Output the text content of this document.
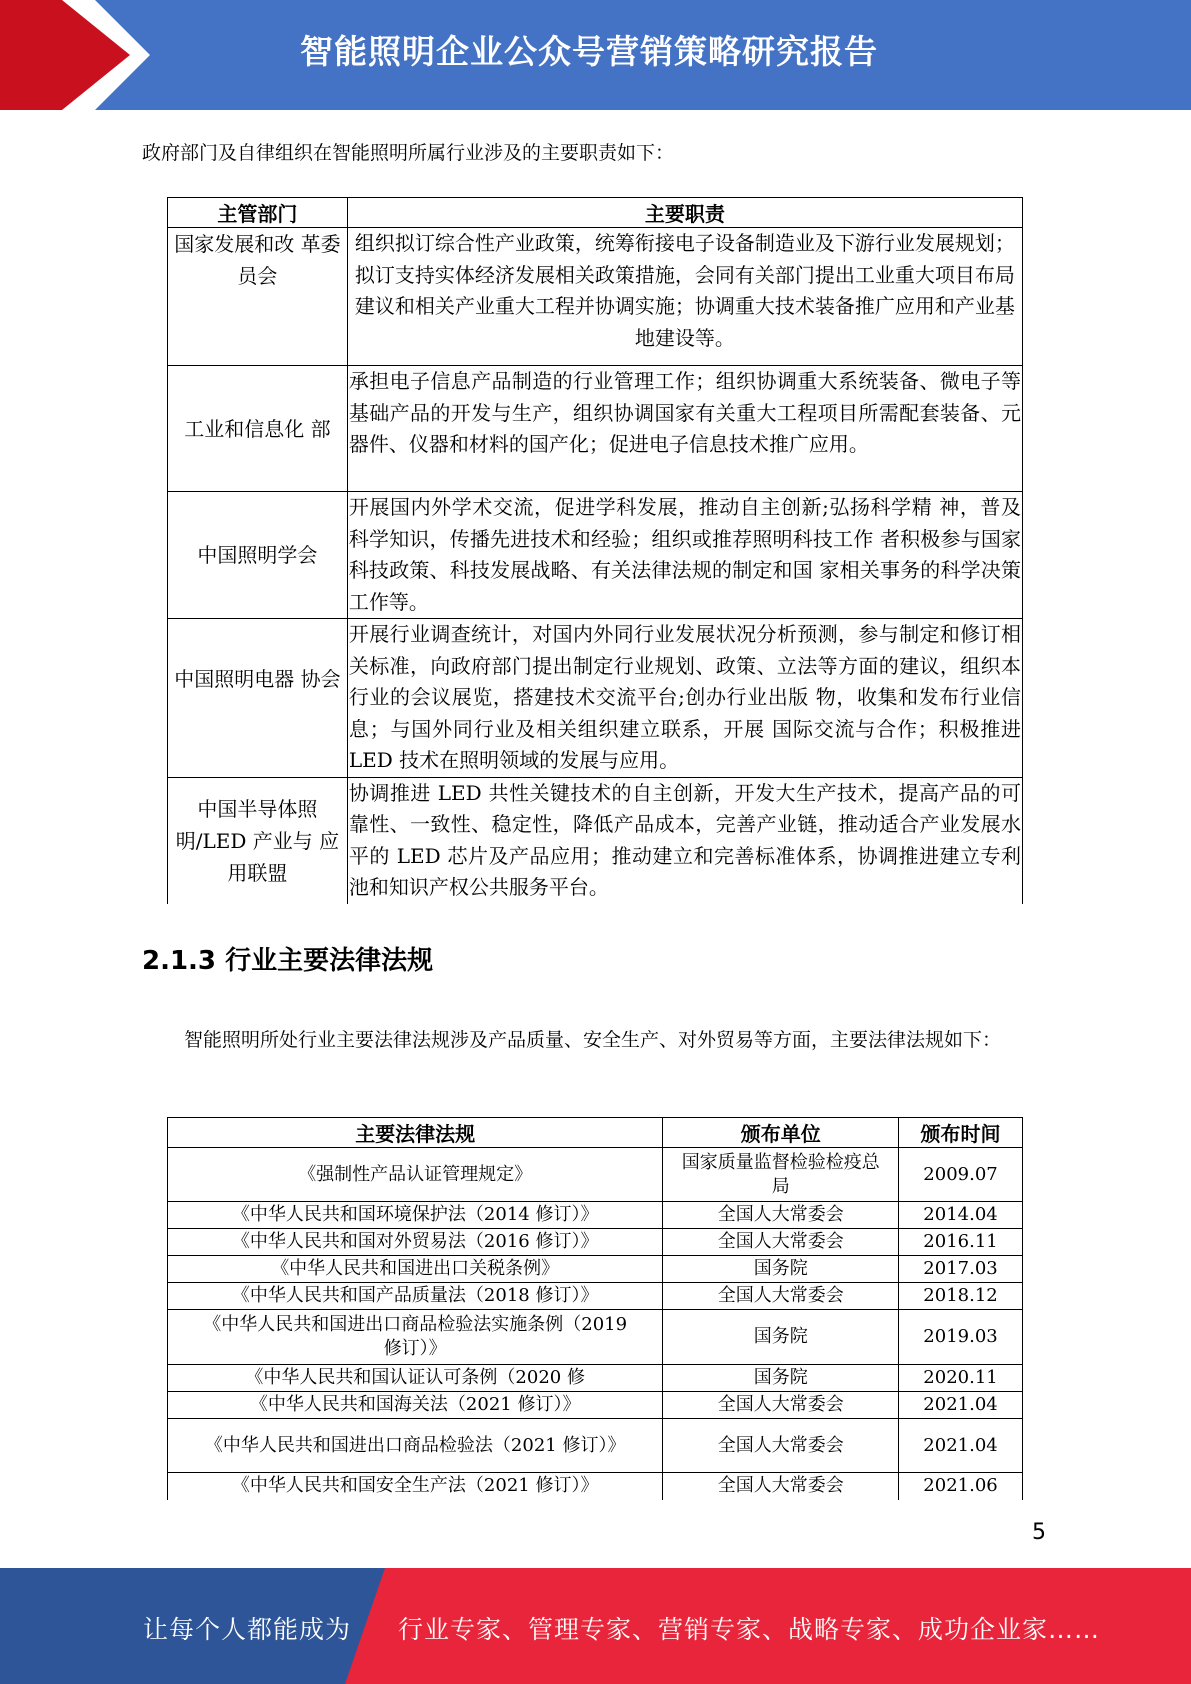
智能照明企业公众号营销策略研究报告
政府部门及自律组织在智能照明所属行业涉及的主要职责如下：
主管部门	主要职责
国家发展和改 革委员会	组织拟订综合性产业政策，统筹衔接电子设备制造业及下游行业发展规划；拟订支持实体经济发展相关政策措施，会同有关部门提出工业重大项目布局建议和相关产业重大工程并协调实施；协调重大技术装备推广应用和产业基地建设等。
工业和信息化 部	承担电子信息产品制造的行业管理工作；组织协调重大系统装备、微电子等基础产品的开发与生产，组织协调国家有关重大工程项目所需配套装备、元器件、仪器和材料的国产化；促进电子信息技术推广应用。
中国照明学会	开展国内外学术交流，促进学科发展，推动自主创新;弘扬科学精 神，普及科学知识，传播先进技术和经验；组织或推荐照明科技工作 者积极参与国家科技政策、科技发展战略、有关法律法规的制定和国 家相关事务的科学决策工作等。
中国照明电器 协会	开展行业调查统计，对国内外同行业发展状况分析预测，参与制定和修订相关标准，向政府部门提出制定行业规划、政策、立法等方面的建议，组织本行业的会议展览，搭建技术交流平台;创办行业出版 物，收集和发布行业信息；与国外同行业及相关组织建立联系，开展 国际交流与合作；积极推进 LED 技术在照明领域的发展与应用。
中国半导体照 明/LED 产业与 应用联盟	协调推进 LED 共性关键技术的自主创新，开发大生产技术，提高产品的可靠性、一致性、稳定性，降低产品成本，完善产业链，推动适合产业发展水平的 LED 芯片及产品应用；推动建立和完善标准体系，协调推进建立专利池和知识产权公共服务平台。
2.1.3 行业主要法律法规
智能照明所处行业主要法律法规涉及产品质量、安全生产、对外贸易等方面，主要法律法规如下：
主要法律法规	颁布单位	颁布时间
《强制性产品认证管理规定》	国家质量监督检验检疫总局	2009.07
《中华人民共和国环境保护法（2014 修订）》	全国人大常委会	2014.04
《中华人民共和国对外贸易法（2016 修订）》	全国人大常委会	2016.11
《中华人民共和国进出口关税条例》	国务院	2017.03
《中华人民共和国产品质量法（2018 修订）》	全国人大常委会	2018.12
《中华人民共和国进出口商品检验法实施条例（2019 修订）》	国务院	2019.03
《中华人民共和国认证认可条例（2020 修	国务院	2020.11
《中华人民共和国海关法（2021 修订）》	全国人大常委会	2021.04
《中华人民共和国进出口商品检验法（2021 修订）》	全国人大常委会	2021.04
《中华人民共和国安全生产法（2021 修订）》	全国人大常委会	2021.06
5
让每个人都能成为 行业专家、管理专家、营销专家、战略专家、成功企业家……
